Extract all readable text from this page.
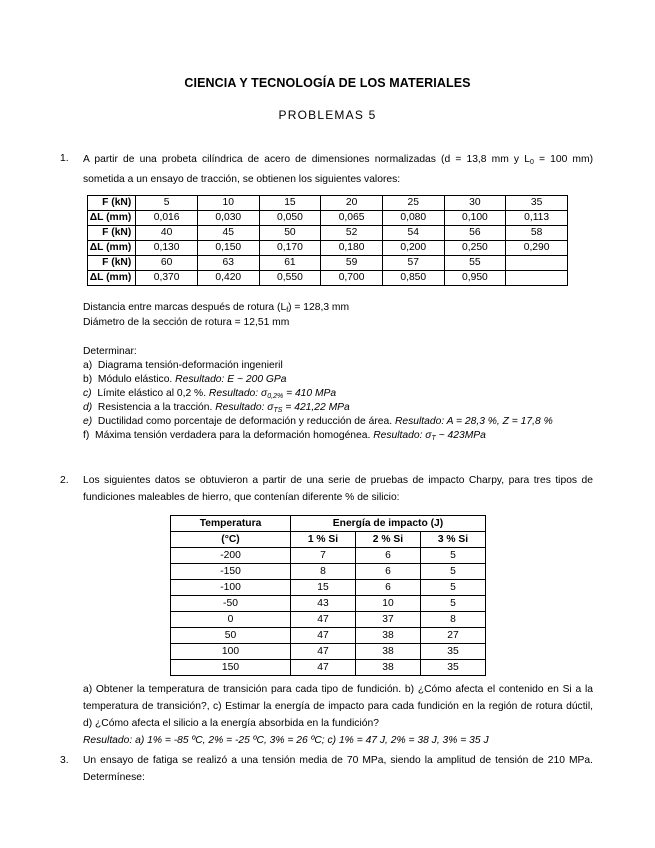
CIENCIA Y TECNOLOGÍA DE LOS MATERIALES
PROBLEMAS 5
1. A partir de una probeta cilíndrica de acero de dimensiones normalizadas (d = 13,8 mm y $L_0 = 100$ mm) sometida a un ensayo de tracción, se obtienen los siguientes valores:
F (kN)	5	10	15	20	25	30	35
ΔL (mm)	0,016	0,030	0,050	0,065	0,080	0,100	0,113
F (kN)	40	45	50	52	54	56	58
ΔL (mm)	0,130	0,150	0,170	0,180	0,200	0,250	0,290
F (kN)	60	63	61	59	57	55	
ΔL (mm)	0,370	0,420	0,550	0,700	0,850	0,950	
Distancia entre marcas después de rotura $(L_f) = 128,3$ mm
Diámetro de la sección de rotura = 12,51 mm
Determinar:
a) Diagrama tensión-deformación ingenieril
b) Módulo elástico. Resultado: E ~ 200 GPa
c) Límite elástico al 0,2 %. Resultado: $\sigma_{0,2\%} = 410$ MPa
d) Resistencia a la tracción. Resultado: $\sigma_{TS} = 421,22$ MPa
e) Ductilidad como porcentaje de deformación y reducción de área. Resultado: A = 28,3 %, Z = 17,8 %
f) Máxima tensión verdadera para la deformación homogénea. Resultado: $\sigma_T$ ~ 423MPa
2. Los siguientes datos se obtuvieron a partir de una serie de pruebas de impacto Charpy, para tres tipos de fundiciones maleables de hierro, que contenían diferente % de silicio:
Temperatura	Energía de impacto (J)		
(°C)	1 % Si	2 % Si	3 % Si
-200	7	6	5
-150	8	6	5
-100	15	6	5
-50	43	10	5
0	47	37	8
50	47	38	27
100	47	38	35
150	47	38	35
a) Obtener la temperatura de transición para cada tipo de fundición. b) ¿Cómo afecta el contenido en Si a la temperatura de transición?, c) Estimar la energía de impacto para cada fundición en la región de rotura dúctil, d) ¿Cómo afecta el silicio a la energía absorbida en la fundición?
Resultado: a) 1% = -85 ºC, 2% = -25 ºC, 3% = 26 ºC; c) 1% = 47 J, 2% = 38 J, 3% = 35 J
3. Un ensayo de fatiga se realizó a una tensión media de 70 MPa, siendo la amplitud de tensión de 210 MPa. Determínese:
